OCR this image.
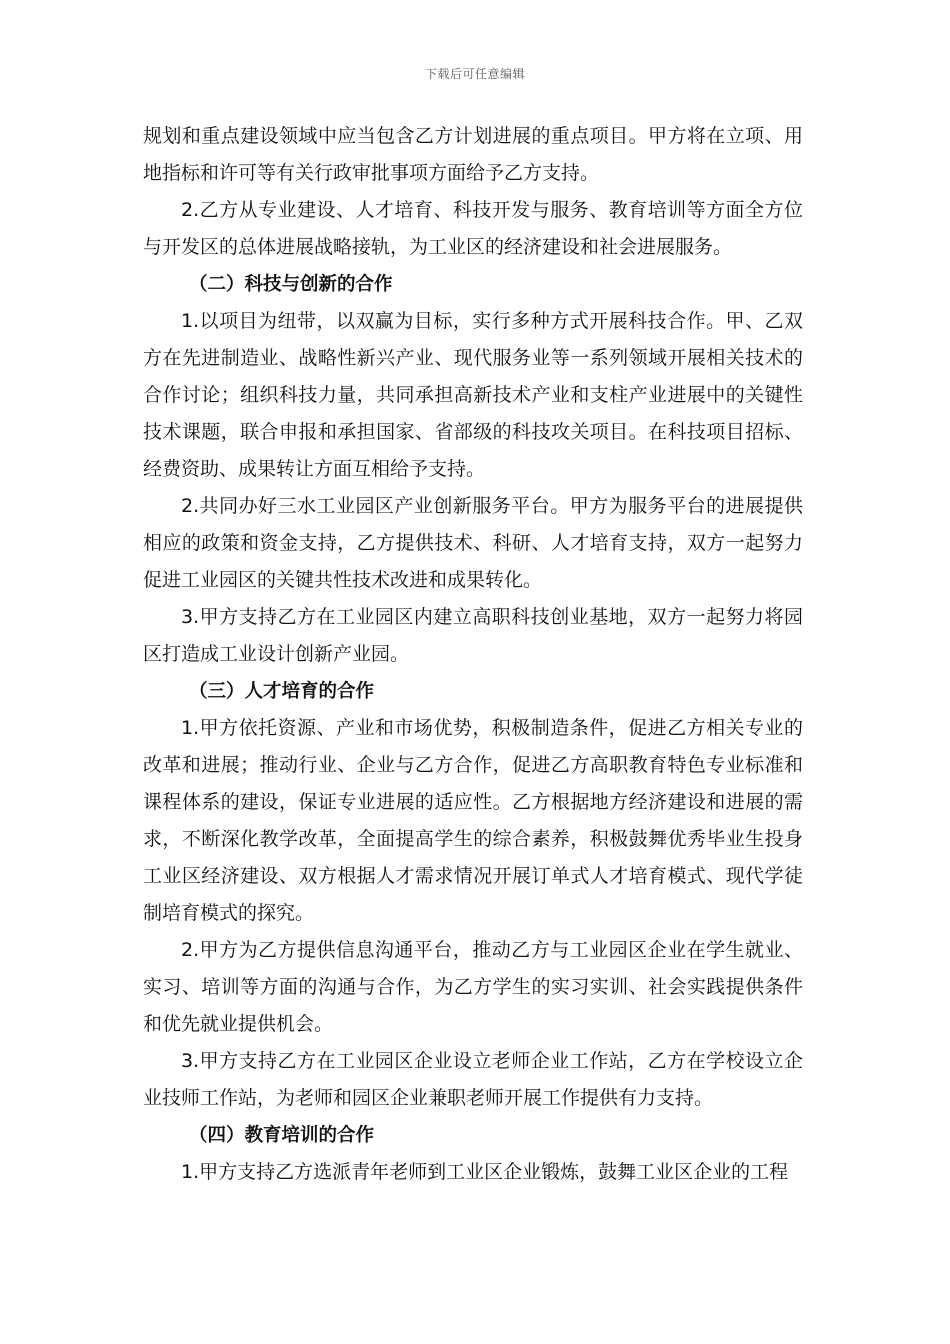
下载后可任意编辑

规划和重点建设领域中应当包含乙方计划进展的重点项目。甲方将在立项、用地指标和许可等有关行政审批事项方面给予乙方支持。

2.乙方从专业建设、人才培育、科技开发与服务、教育培训等方面全方位与开发区的总体进展战略接轨，为工业区的经济建设和社会进展服务。

（二）科技与创新的合作

1.以项目为纽带，以双赢为目标，实行多种方式开展科技合作。甲、乙双方在先进制造业、战略性新兴产业、现代服务业等一系列领域开展相关技术的合作讨论；组织科技力量，共同承担高新技术产业和支柱产业进展中的关键性技术课题，联合申报和承担国家、省部级的科技攻关项目。在科技项目招标、经费资助、成果转让方面互相给予支持。

2.共同办好三水工业园区产业创新服务平台。甲方为服务平台的进展提供相应的政策和资金支持，乙方提供技术、科研、人才培育支持，双方一起努力促进工业园区的关键共性技术改进和成果转化。

3.甲方支持乙方在工业园区内建立高职科技创业基地，双方一起努力将园区打造成工业设计创新产业园。

（三）人才培育的合作

1.甲方依托资源、产业和市场优势，积极制造条件，促进乙方相关专业的改革和进展；推动行业、企业与乙方合作，促进乙方高职教育特色专业标准和课程体系的建设，保证专业进展的适应性。乙方根据地方经济建设和进展的需求，不断深化教学改革，全面提高学生的综合素养，积极鼓舞优秀毕业生投身工业区经济建设、双方根据人才需求情况开展订单式人才培育模式、现代学徒制培育模式的探究。

2.甲方为乙方提供信息沟通平台，推动乙方与工业园区企业在学生就业、实习、培训等方面的沟通与合作，为乙方学生的实习实训、社会实践提供条件和优先就业提供机会。

3.甲方支持乙方在工业园区企业设立老师企业工作站，乙方在学校设立企业技师工作站，为老师和园区企业兼职老师开展工作提供有力支持。

（四）教育培训的合作

1.甲方支持乙方选派青年老师到工业区企业锻炼，鼓舞工业区企业的工程
